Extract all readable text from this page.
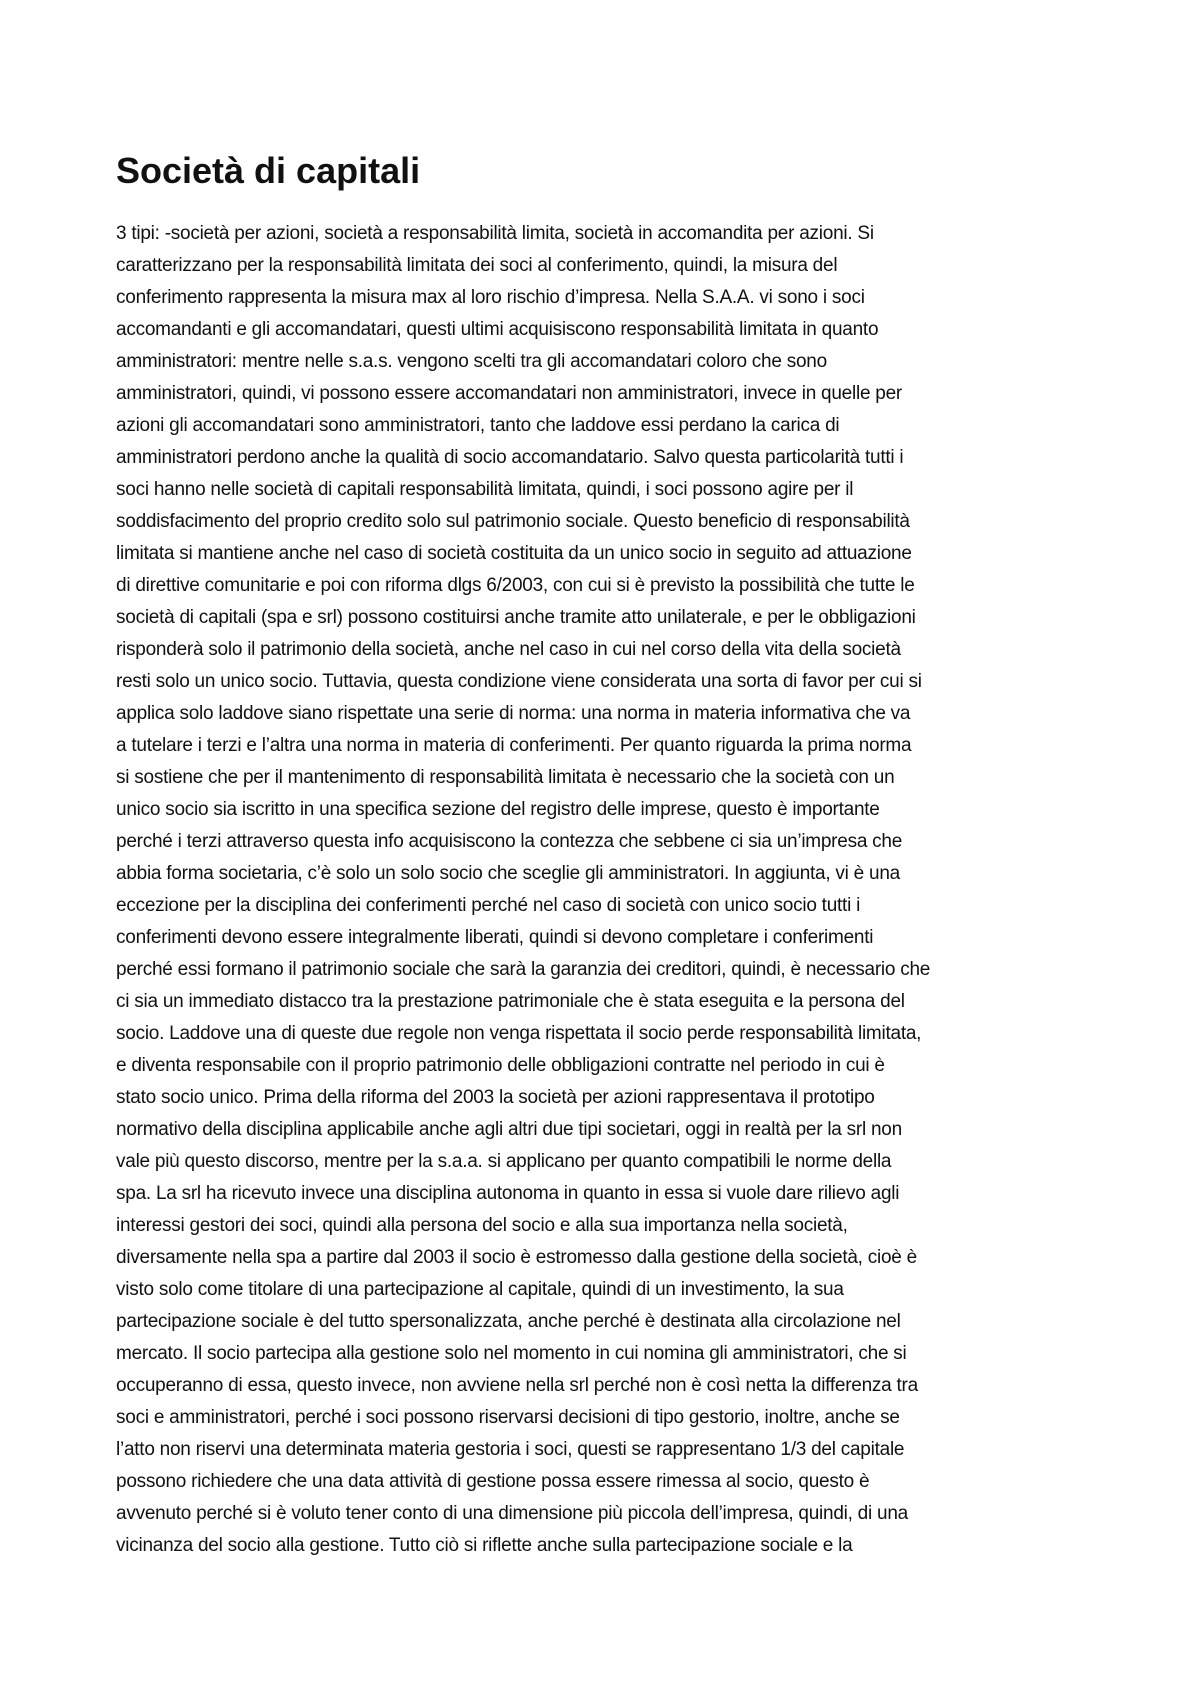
Società di capitali
3 tipi: -società per azioni, società a responsabilità limita, società in accomandita per azioni. Si
caratterizzano per la responsabilità limitata dei soci al conferimento, quindi, la misura del
conferimento rappresenta la misura max al loro rischio d’impresa. Nella S.A.A. vi sono i soci
accomandanti e gli accomandatari, questi ultimi acquisiscono responsabilità limitata in quanto
amministratori: mentre nelle s.a.s. vengono scelti tra gli accomandatari coloro che sono
amministratori, quindi, vi possono essere accomandatari non amministratori, invece in quelle per
azioni gli accomandatari sono amministratori, tanto che laddove essi perdano la carica di
amministratori perdono anche la qualità di socio accomandatario. Salvo questa particolarità tutti i
soci hanno nelle società di capitali responsabilità limitata, quindi, i soci possono agire per il
soddisfacimento del proprio credito solo sul patrimonio sociale. Questo beneficio di responsabilità
limitata si mantiene anche nel caso di società costituita da un unico socio in seguito ad attuazione
di direttive comunitarie e poi con riforma dlgs 6/2003, con cui si è previsto la possibilità che tutte le
società di capitali (spa e srl) possono costituirsi anche tramite atto unilaterale, e per le obbligazioni
risponderà solo il patrimonio della società, anche nel caso in cui nel corso della vita della società
resti solo un unico socio. Tuttavia, questa condizione viene considerata una sorta di favor per cui si
applica solo laddove siano rispettate una serie di norma: una norma in materia informativa che va
a tutelare i terzi e l’altra una norma in materia di conferimenti. Per quanto riguarda la prima norma
si sostiene che per il mantenimento di responsabilità limitata è necessario che la società con un
unico socio sia iscritto in una specifica sezione del registro delle imprese, questo è importante
perché i terzi attraverso questa info acquisiscono la contezza che sebbene ci sia un’impresa che
abbia forma societaria, c’è solo un solo socio che sceglie gli amministratori. In aggiunta, vi è una
eccezione per la disciplina dei conferimenti perché nel caso di società con unico socio tutti i
conferimenti devono essere integralmente liberati, quindi si devono completare i conferimenti
perché essi formano il patrimonio sociale che sarà la garanzia dei creditori, quindi, è necessario che
ci sia un immediato distacco tra la prestazione patrimoniale che è stata eseguita e la persona del
socio. Laddove una di queste due regole non venga rispettata il socio perde responsabilità limitata,
e diventa responsabile con il proprio patrimonio delle obbligazioni contratte nel periodo in cui è
stato socio unico. Prima della riforma del 2003 la società per azioni rappresentava il prototipo
normativo della disciplina applicabile anche agli altri due tipi societari, oggi in realtà per la srl non
vale più questo discorso, mentre per la s.a.a. si applicano per quanto compatibili le norme della
spa. La srl ha ricevuto invece una disciplina autonoma in quanto in essa si vuole dare rilievo agli
interessi gestori dei soci, quindi alla persona del socio e alla sua importanza nella società,
diversamente nella spa a partire dal 2003 il socio è estromesso dalla gestione della società, cioè è
visto solo come titolare di una partecipazione al capitale, quindi di un investimento, la sua
partecipazione sociale è del tutto spersonalizzata, anche perché è destinata alla circolazione nel
mercato. Il socio partecipa alla gestione solo nel momento in cui nomina gli amministratori, che si
occuperanno di essa, questo invece, non avviene nella srl perché non è così netta la differenza tra
soci e amministratori, perché i soci possono riservarsi decisioni di tipo gestorio, inoltre, anche se
l’atto non riservi una determinata materia gestoria i soci, questi se rappresentano 1/3 del capitale
possono richiedere che una data attività di gestione possa essere rimessa al socio, questo è
avvenuto perché si è voluto tener conto di una dimensione più piccola dell’impresa, quindi, di una
vicinanza del socio alla gestione. Tutto ciò si riflette anche sulla partecipazione sociale e la
